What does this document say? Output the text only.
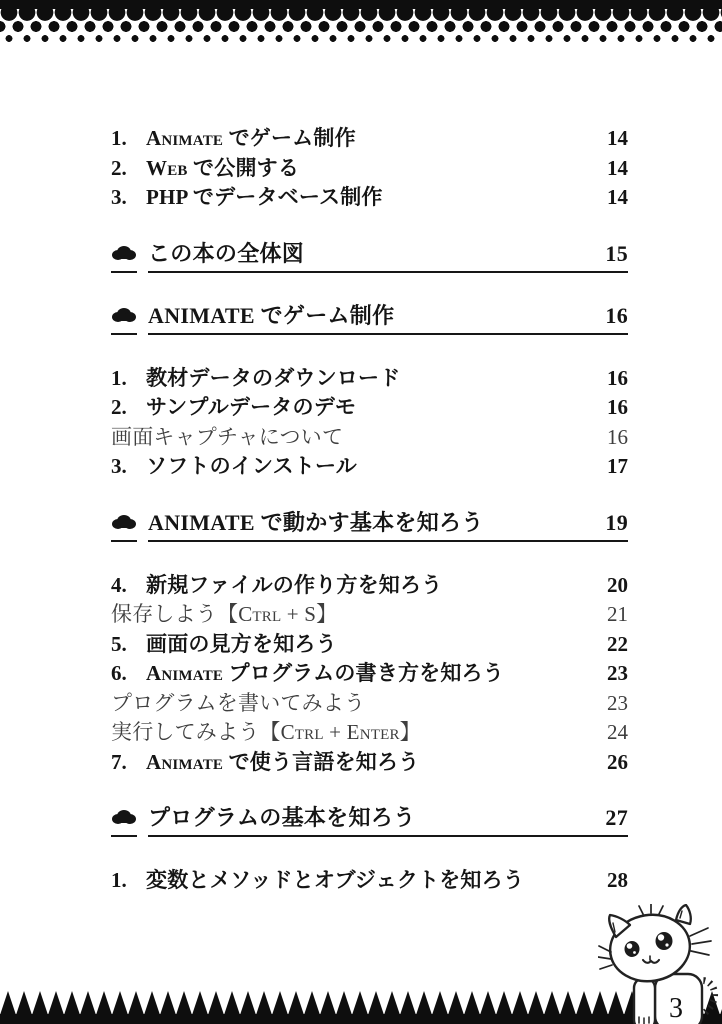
1. Animate でゲーム制作	14
2. Web で公開する	14
3. PHP でデータベース制作	14
この本の全体図	15
ANIMATE でゲーム制作	16
1. 教材データのダウンロード	16
2. サンプルデータのデモ	16
画面キャプチャについて	16
3. ソフトのインストール	17
ANIMATE で動かす基本を知ろう	19
4. 新規ファイルの作り方を知ろう	20
保存しよう【Ctrl + S】	21
5. 画面の見方を知ろう	22
6. Animate プログラムの書き方を知ろう	23
プログラムを書いてみよう	23
実行してみよう【Ctrl + Enter】	24
7. Animate で使う言語を知ろう	26
プログラムの基本を知ろう	27
1. 変数とメソッドとオブジェクトを知ろう	28
3
